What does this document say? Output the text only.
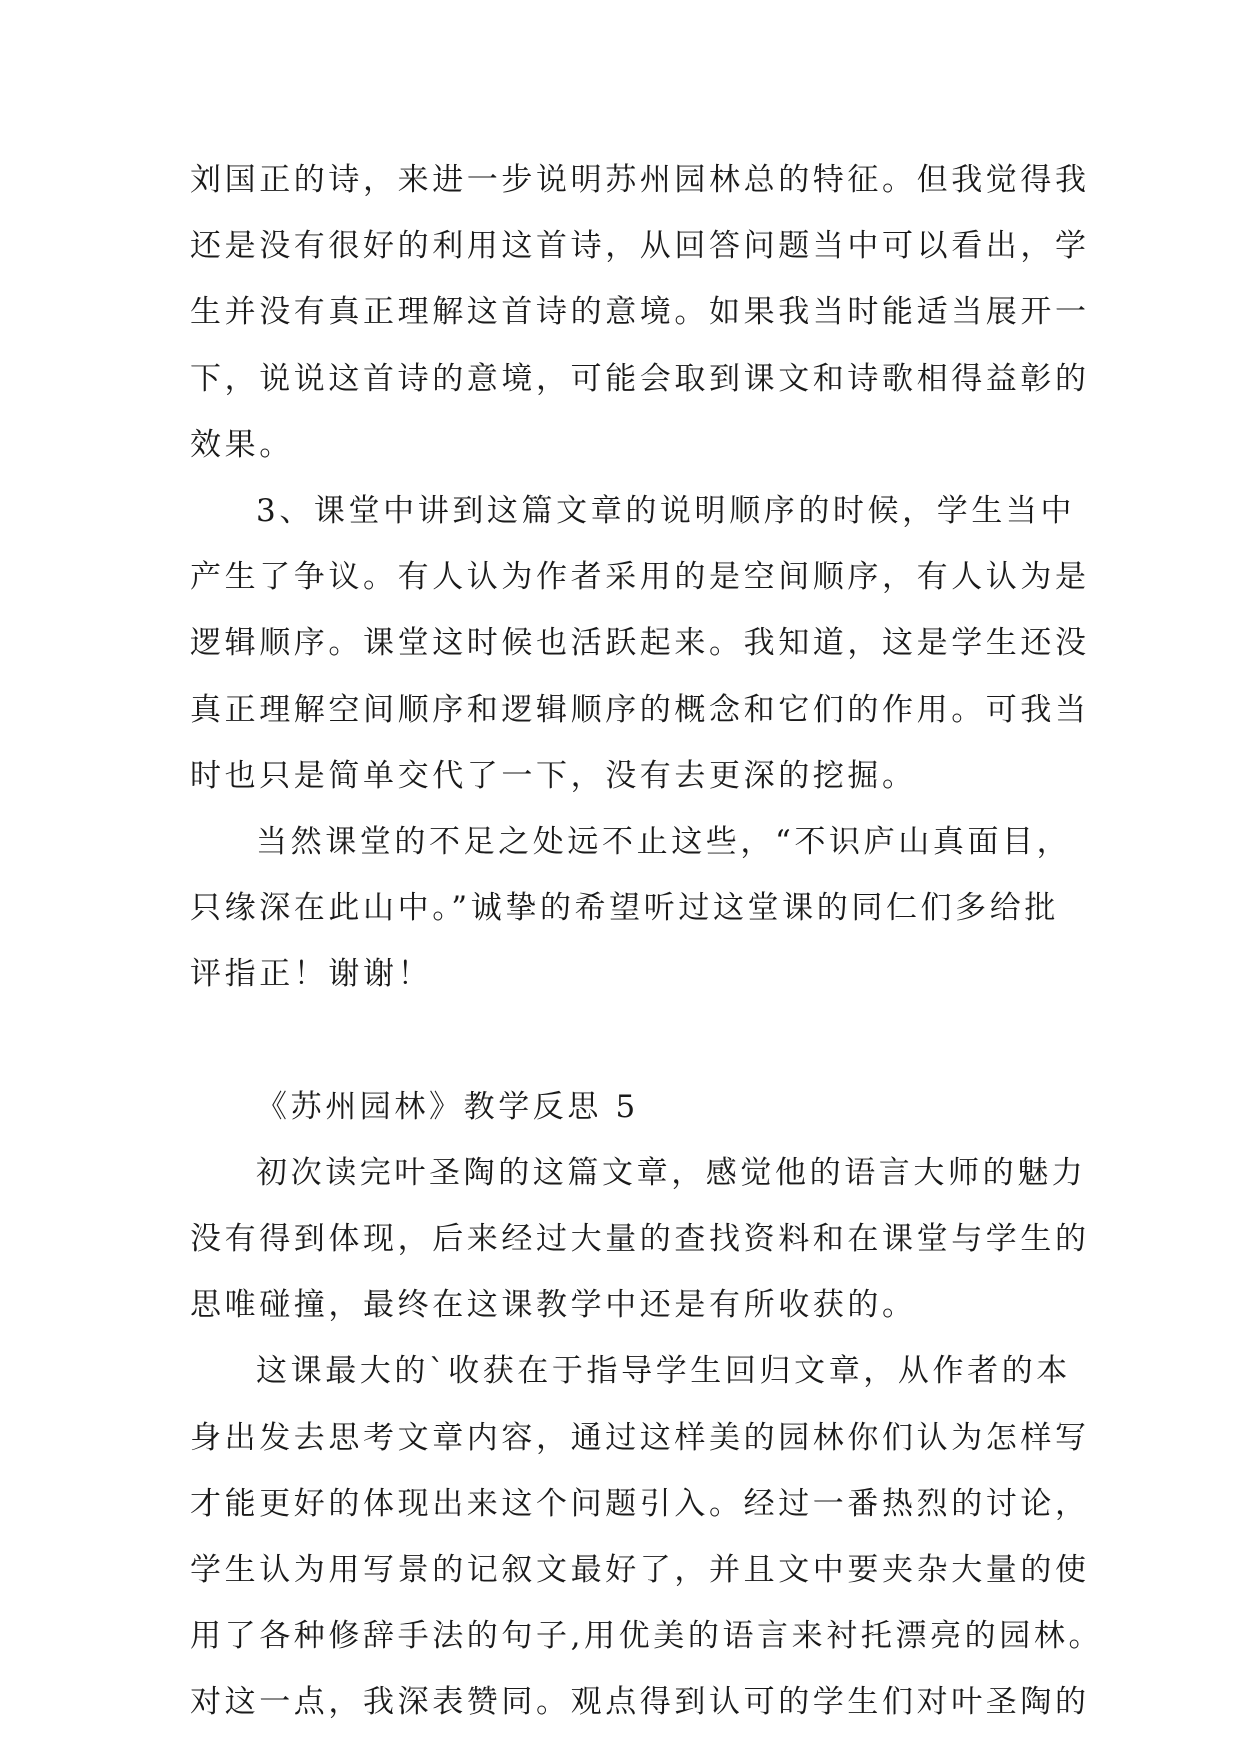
刘国正的诗，来进一步说明苏州园林总的特征。但我觉得我
还是没有很好的利用这首诗，从回答问题当中可以看出，学
生并没有真正理解这首诗的意境。如果我当时能适当展开一
下，说说这首诗的意境，可能会取到课文和诗歌相得益彰的
效果。
3、课堂中讲到这篇文章的说明顺序的时候，学生当中
产生了争议。有人认为作者采用的是空间顺序，有人认为是
逻辑顺序。课堂这时候也活跃起来。我知道，这是学生还没
真正理解空间顺序和逻辑顺序的概念和它们的作用。可我当
时也只是简单交代了一下，没有去更深的挖掘。
当然课堂的不足之处远不止这些，“不识庐山真面目，
只缘深在此山中。”诚挚的希望听过这堂课的同仁们多给批
评指正！谢谢！
《苏州园林》教学反思 5
初次读完叶圣陶的这篇文章，感觉他的语言大师的魅力
没有得到体现，后来经过大量的查找资料和在课堂与学生的
思唯碰撞，最终在这课教学中还是有所收获的。
这课最大的`收获在于指导学生回归文章，从作者的本
身出发去思考文章内容，通过这样美的园林你们认为怎样写
才能更好的体现出来这个问题引入。经过一番热烈的讨论，
学生认为用写景的记叙文最好了，并且文中要夹杂大量的使
用了各种修辞手法的句子,用优美的语言来衬托漂亮的园林。
对这一点，我深表赞同。观点得到认可的学生们对叶圣陶的
